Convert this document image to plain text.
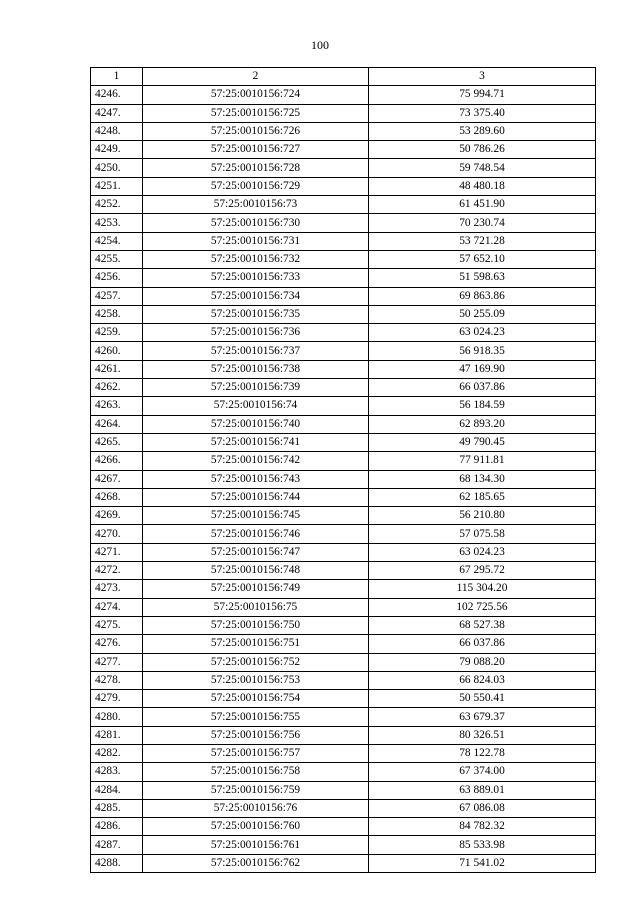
100
1	2	3
4246.	57:25:0010156:724	75 994.71
4247.	57:25:0010156:725	73 375.40
4248.	57:25:0010156:726	53 289.60
4249.	57:25:0010156:727	50 786.26
4250.	57:25:0010156:728	59 748.54
4251.	57:25:0010156:729	48 480.18
4252.	57:25:0010156:73	61 451.90
4253.	57:25:0010156:730	70 230.74
4254.	57:25:0010156:731	53 721.28
4255.	57:25:0010156:732	57 652.10
4256.	57:25:0010156:733	51 598.63
4257.	57:25:0010156:734	69 863.86
4258.	57:25:0010156:735	50 255.09
4259.	57:25:0010156:736	63 024.23
4260.	57:25:0010156:737	56 918.35
4261.	57:25:0010156:738	47 169.90
4262.	57:25:0010156:739	66 037.86
4263.	57:25:0010156:74	56 184.59
4264.	57:25:0010156:740	62 893.20
4265.	57:25:0010156:741	49 790.45
4266.	57:25:0010156:742	77 911.81
4267.	57:25:0010156:743	68 134.30
4268.	57:25:0010156:744	62 185.65
4269.	57:25:0010156:745	56 210.80
4270.	57:25:0010156:746	57 075.58
4271.	57:25:0010156:747	63 024.23
4272.	57:25:0010156:748	67 295.72
4273.	57:25:0010156:749	115 304.20
4274.	57:25:0010156:75	102 725.56
4275.	57:25:0010156:750	68 527.38
4276.	57:25:0010156:751	66 037.86
4277.	57:25:0010156:752	79 088.20
4278.	57:25:0010156:753	66 824.03
4279.	57:25:0010156:754	50 550.41
4280.	57:25:0010156:755	63 679.37
4281.	57:25:0010156:756	80 326.51
4282.	57:25:0010156:757	78 122.78
4283.	57:25:0010156:758	67 374.00
4284.	57:25:0010156:759	63 889.01
4285.	57:25:0010156:76	67 086.08
4286.	57:25:0010156:760	84 782.32
4287.	57:25:0010156:761	85 533.98
4288.	57:25:0010156:762	71 541.02
